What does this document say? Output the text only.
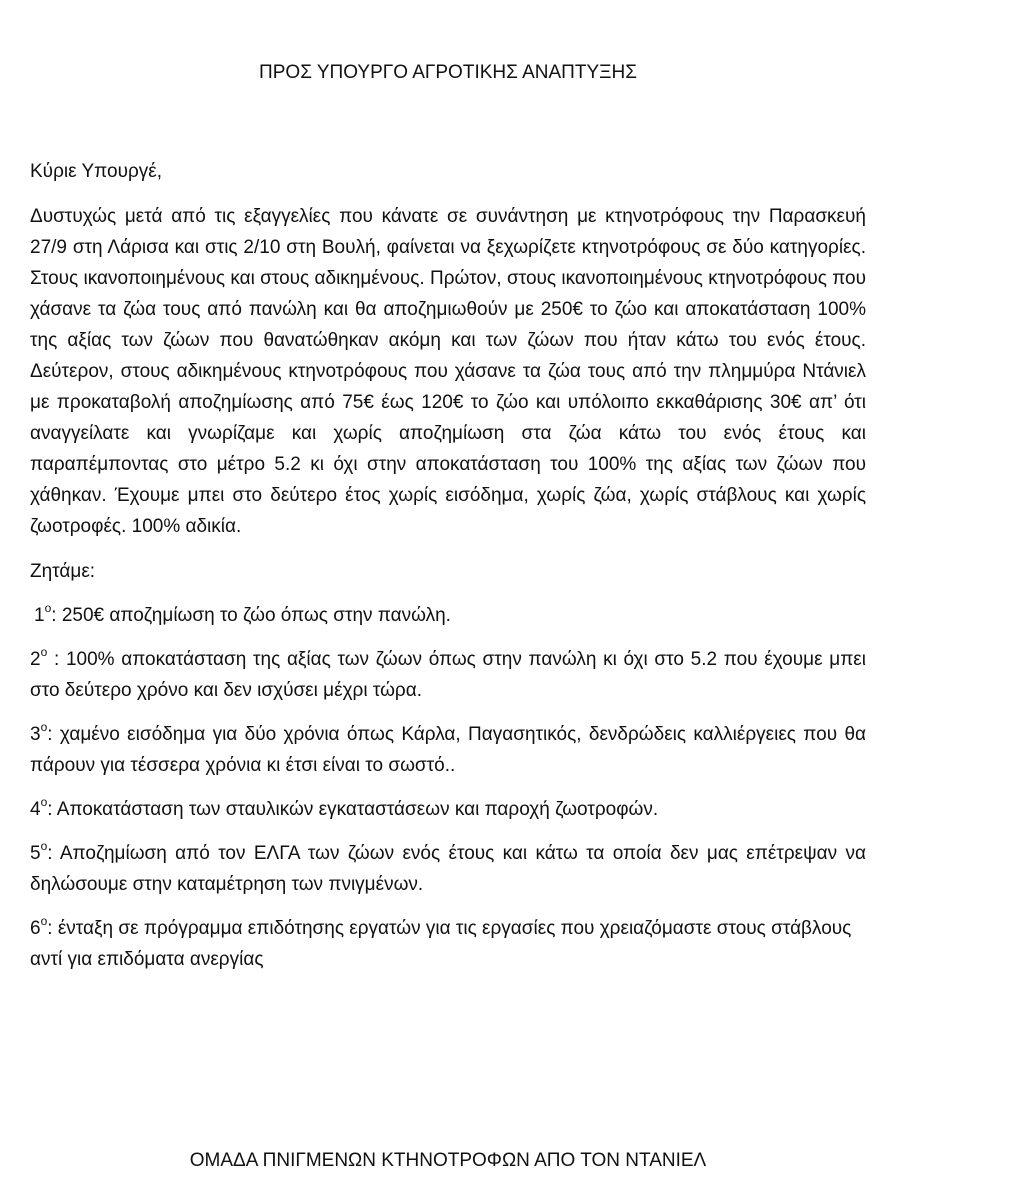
ΠΡΟΣ ΥΠΟΥΡΓΟ ΑΓΡΟΤΙΚΗΣ ΑΝΑΠΤΥΞΗΣ

Κύριε Υπουργέ,

Δυστυχώς μετά από τις εξαγγελίες που κάνατε σε συνάντηση με κτηνοτρόφους την Παρασκευή 27/9 στη Λάρισα και στις 2/10 στη Βουλή, φαίνεται να ξεχωρίζετε κτηνοτρόφους σε δύο κατηγορίες. Στους ικανοποιημένους και στους αδικημένους. Πρώτον, στους ικανοποιημένους κτηνοτρόφους που χάσανε τα ζώα τους από πανώλη και θα αποζημιωθούν με 250€ το ζώο και αποκατάσταση 100% της αξίας των ζώων που θανατώθηκαν ακόμη και των ζώων που ήταν κάτω του ενός έτους. Δεύτερον, στους αδικημένους κτηνοτρόφους που χάσανε τα ζώα τους από την πλημμύρα Ντάνιελ με προκαταβολή αποζημίωσης από 75€ έως 120€ το ζώο και υπόλοιπο εκκαθάρισης 30€ απ’ ότι αναγγείλατε και γνωρίζαμε και χωρίς αποζημίωση στα ζώα κάτω του ενός έτους και παραπέμποντας στο μέτρο 5.2 κι όχι στην αποκατάσταση του 100% της αξίας των ζώων που χάθηκαν. Έχουμε μπει στο δεύτερο έτος χωρίς εισόδημα, χωρίς ζώα, χωρίς στάβλους και χωρίς ζωοτροφές. 100% αδικία.

Ζητάμε:

$1^o$: 250€ αποζημίωση το ζώο όπως στην πανώλη.
$2^o$ : 100% αποκατάσταση της αξίας των ζώων όπως στην πανώλη κι όχι στο 5.2 που έχουμε μπει στο δεύτερο χρόνο και δεν ισχύσει μέχρι τώρα.
$3^o$: χαμένο εισόδημα για δύο χρόνια όπως Κάρλα, Παγασητικός, δενδρώδεις καλλιέργειες που θα πάρουν για τέσσερα χρόνια κι έτσι είναι το σωστό..
$4^o$: Αποκατάσταση των σταυλικών εγκαταστάσεων και παροχή ζωοτροφών.
$5^o$: Αποζημίωση από τον ΕΛΓΑ των ζώων ενός έτους και κάτω τα οποία δεν μας επέτρεψαν να δηλώσουμε στην καταμέτρηση των πνιγμένων.
$6^o$: ένταξη σε πρόγραμμα επιδότησης εργατών για τις εργασίες που χρειαζόμαστε στους στάβλους αντί για επιδόματα ανεργίας
ΟΜΑΔΑ ΠΝΙΓΜΕΝΩΝ ΚΤΗΝΟΤΡΟΦΩΝ ΑΠΟ ΤΟΝ ΝΤΑΝΙΕΛ
